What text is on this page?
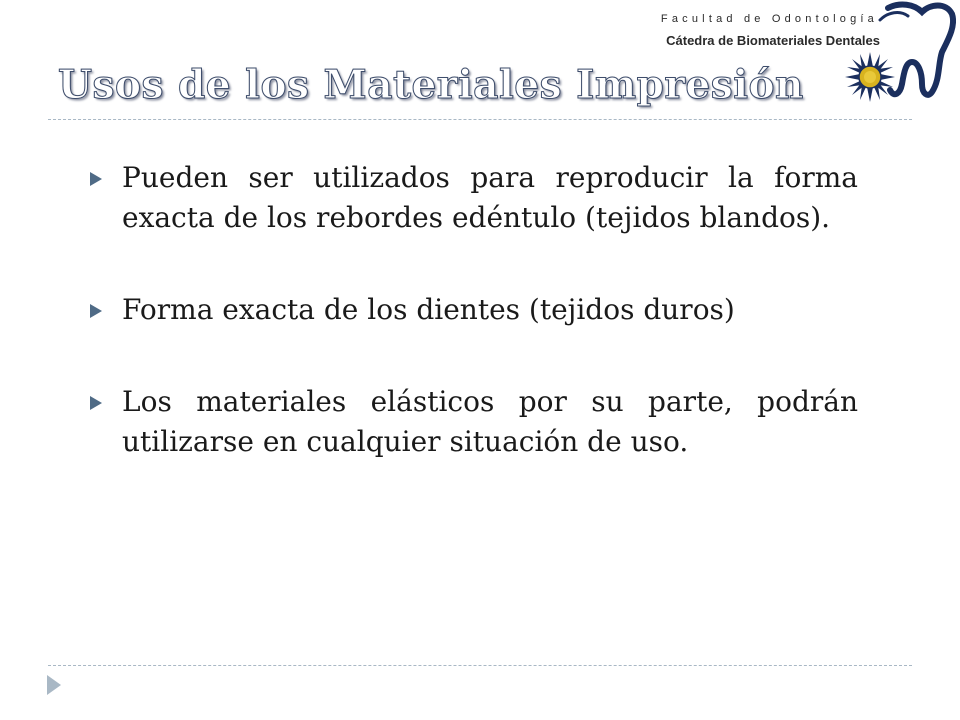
Facultad de Odontología
Cátedra de Biomateriales Dentales
Usos de los Materiales Impresión
Pueden ser utilizados para reproducir la forma exacta de los rebordes edéntulo (tejidos blandos).
Forma exacta de los dientes (tejidos duros)
Los materiales elásticos por su parte, podrán utilizarse en cualquier situación de uso.
